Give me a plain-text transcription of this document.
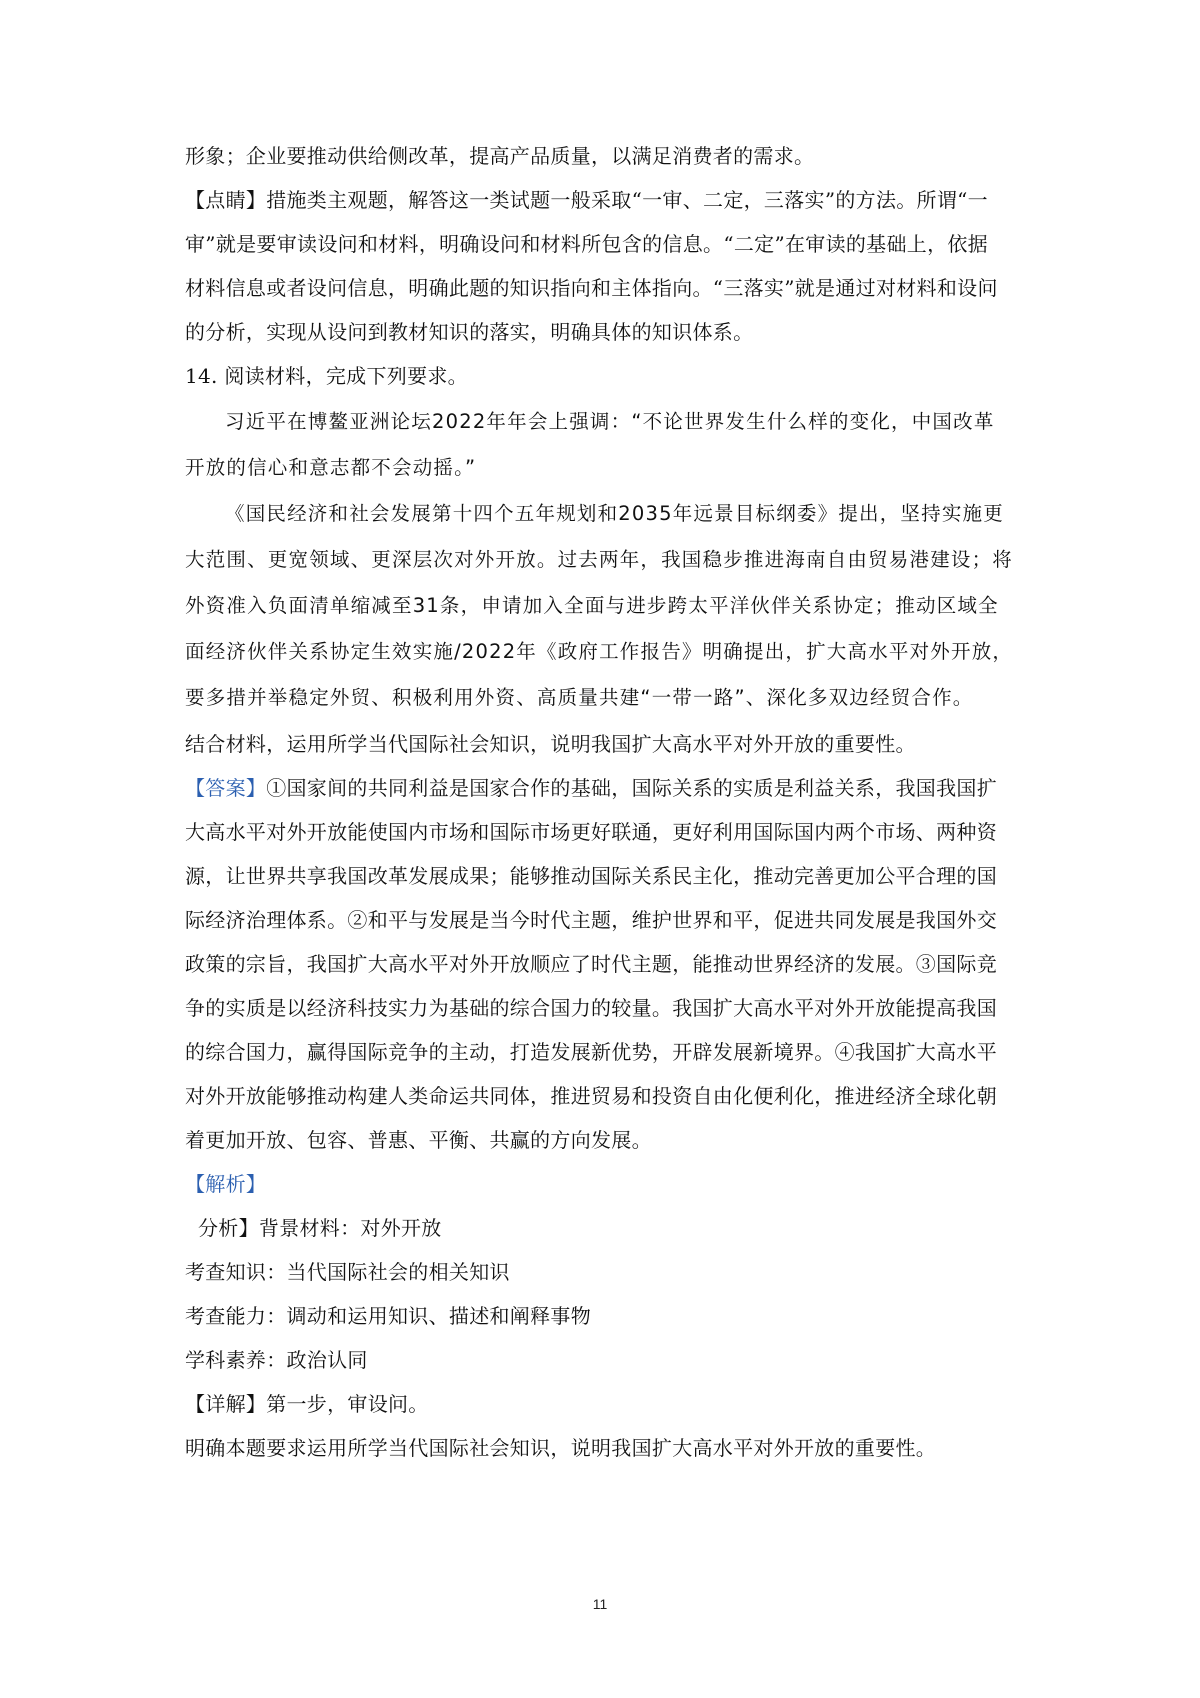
形象；企业要推动供给侧改革，提高产品质量，以满足消费者的需求。
【点睛】措施类主观题，解答这一类试题一般采取“一审、二定，三落实”的方法。所谓“一
审”就是要审读设问和材料，明确设问和材料所包含的信息。“二定”在审读的基础上，依据
材料信息或者设问信息，明确此题的知识指向和主体指向。“三落实”就是通过对材料和设问
的分析，实现从设问到教材知识的落实，明确具体的知识体系。
14. 阅读材料，完成下列要求。
习近平在博鳌亚洲论坛2022年年会上强调：“不论世界发生什么样的变化，中国改革
开放的信心和意志都不会动摇。”
《国民经济和社会发展第十四个五年规划和2035年远景目标纲委》提出，坚持实施更
大范围、更宽领域、更深层次对外开放。过去两年，我国稳步推进海南自由贸易港建设；将
外资准入负面清单缩减至31条，申请加入全面与进步跨太平洋伙伴关系协定；推动区域全
面经济伙伴关系协定生效实施/2022年《政府工作报告》明确提出，扩大高水平对外开放，
要多措并举稳定外贸、积极利用外资、高质量共建“一带一路”、深化多双边经贸合作。
结合材料，运用所学当代国际社会知识，说明我国扩大高水平对外开放的重要性。
【答案】①国家间的共同利益是国家合作的基础，国际关系的实质是利益关系，我国我国扩
大高水平对外开放能使国内市场和国际市场更好联通，更好利用国际国内两个市场、两种资
源，让世界共享我国改革发展成果；能够推动国际关系民主化，推动完善更加公平合理的国
际经济治理体系。②和平与发展是当今时代主题，维护世界和平，促进共同发展是我国外交
政策的宗旨，我国扩大高水平对外开放顺应了时代主题，能推动世界经济的发展。③国际竞
争的实质是以经济科技实力为基础的综合国力的较量。我国扩大高水平对外开放能提高我国
的综合国力，赢得国际竞争的主动，打造发展新优势，开辟发展新境界。④我国扩大高水平
对外开放能够推动构建人类命运共同体，推进贸易和投资自由化便利化，推进经济全球化朝
着更加开放、包容、普惠、平衡、共赢的方向发展。
【解析】
分析】背景材料：对外开放
考查知识：当代国际社会的相关知识
考查能力：调动和运用知识、描述和阐释事物
学科素养：政治认同
【详解】第一步，审设问。
明确本题要求运用所学当代国际社会知识，说明我国扩大高水平对外开放的重要性。
11
